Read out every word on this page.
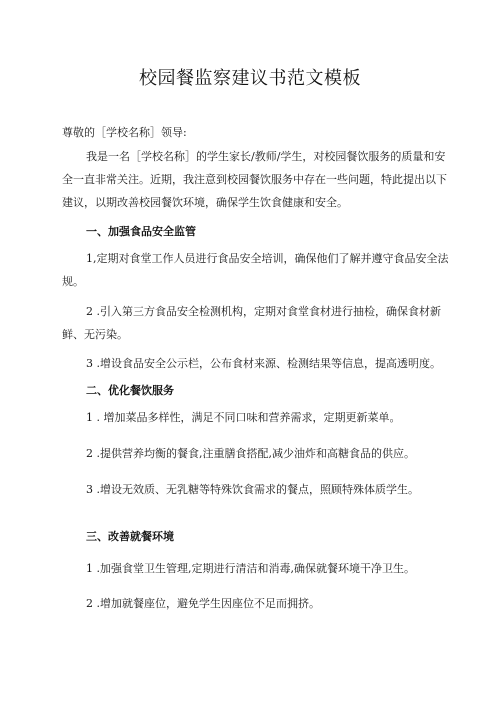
校园餐监察建议书范文模板
尊敬的［学校名称］领导:
我是一名［学校名称］的学生家长/教师/学生，对校园餐饮服务的质量和安
全一直非常关注。近期，我注意到校园餐饮服务中存在一些问题，特此提出以下
建议，以期改善校园餐饮环境，确保学生饮食健康和安全。
一、加强食品安全监管
1,定期对食堂工作人员进行食品安全培训，确保他们了解并遵守食品安全法
规。
2 .引入第三方食品安全检测机构，定期对食堂食材进行抽检，确保食材新
鲜、无污染。
3 .增设食品安全公示栏，公布食材来源、检测结果等信息，提高透明度。
二、优化餐饮服务
1 . 增加菜品多样性，满足不同口味和营养需求，定期更新菜单。
2 .提供营养均衡的餐食,注重膳食搭配,减少油炸和高糖食品的供应。
3 .增设无效质、无乳糖等特殊饮食需求的餐点，照顾特殊体质学生。
三、改善就餐环境
1 .加强食堂卫生管理,定期进行清洁和消毒,确保就餐环境干净卫生。
2 .增加就餐座位，避免学生因座位不足而拥挤。
